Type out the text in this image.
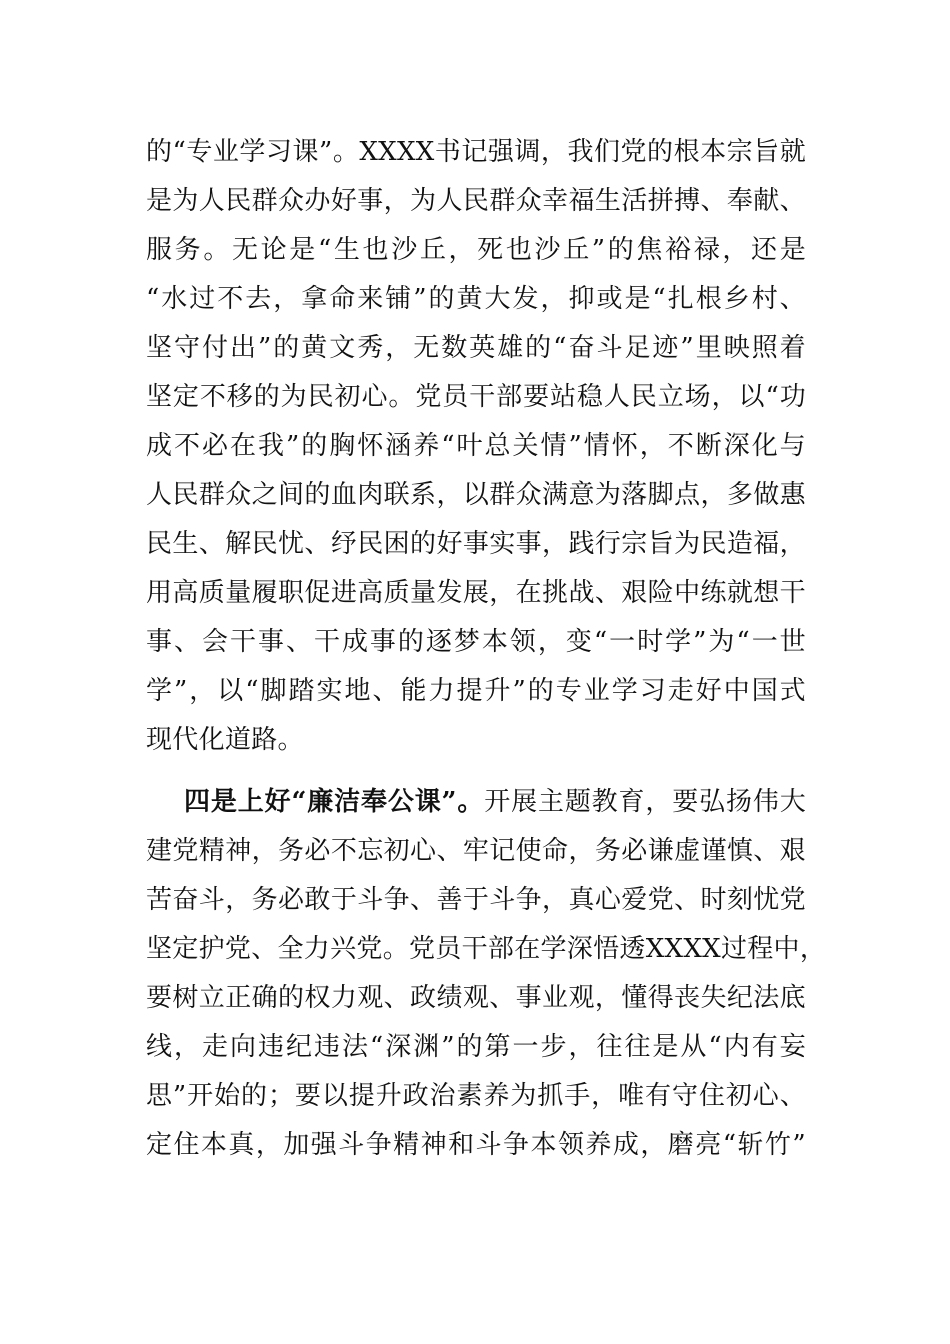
的“专业学习课”。XXXX书记强调，我们党的根本宗旨就
是为人民群众办好事，为人民群众幸福生活拼搏、奉献、
服务。无论是“生也沙丘，死也沙丘”的焦裕禄，还是
“水过不去，拿命来铺”的黄大发，抑或是“扎根乡村、
坚守付出”的黄文秀，无数英雄的“奋斗足迹”里映照着
坚定不移的为民初心。党员干部要站稳人民立场，以“功
成不必在我”的胸怀涵养“叶总关情”情怀，不断深化与
人民群众之间的血肉联系，以群众满意为落脚点，多做惠
民生、解民忧、纾民困的好事实事，践行宗旨为民造福，
用高质量履职促进高质量发展，在挑战、艰险中练就想干
事、会干事、干成事的逐梦本领，变“一时学”为“一世
学”，以“脚踏实地、能力提升”的专业学习走好中国式
现代化道路。
四是上好“廉洁奉公课”。开展主题教育，要弘扬伟大
建党精神，务必不忘初心、牢记使命，务必谦虚谨慎、艰
苦奋斗，务必敢于斗争、善于斗争，真心爱党、时刻忧党
坚定护党、全力兴党。党员干部在学深悟透XXXX过程中，
要树立正确的权力观、政绩观、事业观，懂得丧失纪法底
线，走向违纪违法“深渊”的第一步，往往是从“内有妄
思”开始的；要以提升政治素养为抓手，唯有守住初心、
定住本真，加强斗争精神和斗争本领养成，磨亮“斩竹”
